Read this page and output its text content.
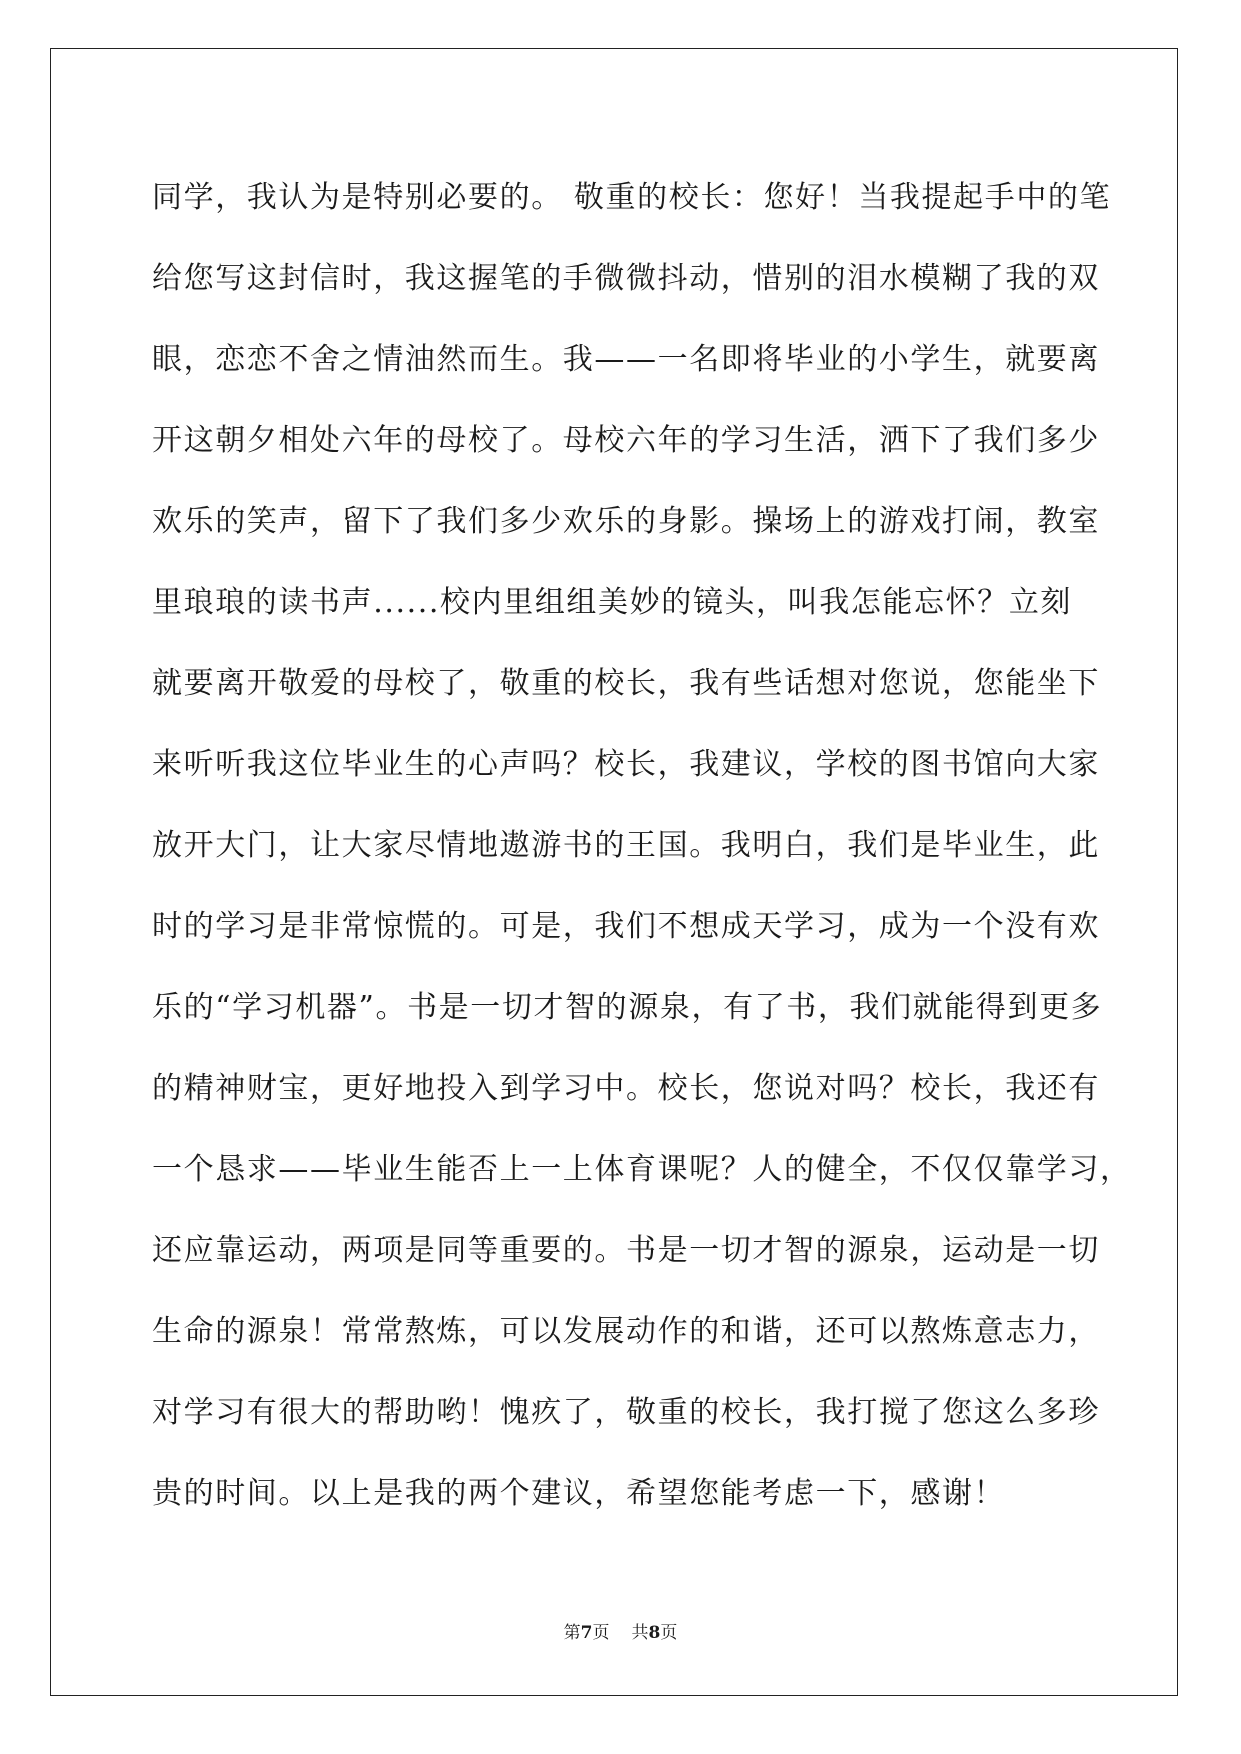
同学，我认为是特别必要的。 敬重的校长：您好！当我提起手中的笔
给您写这封信时，我这握笔的手微微抖动，惜别的泪水模糊了我的双
眼，恋恋不舍之情油然而生。我——一名即将毕业的小学生，就要离
开这朝夕相处六年的母校了。母校六年的学习生活，洒下了我们多少
欢乐的笑声，留下了我们多少欢乐的身影。操场上的游戏打闹，教室
里琅琅的读书声......校内里组组美妙的镜头，叫我怎能忘怀？立刻
就要离开敬爱的母校了，敬重的校长，我有些话想对您说，您能坐下
来听听我这位毕业生的心声吗？校长，我建议，学校的图书馆向大家
放开大门，让大家尽情地遨游书的王国。我明白，我们是毕业生，此
时的学习是非常惊慌的。可是，我们不想成天学习，成为一个没有欢
乐的“学习机器”。书是一切才智的源泉，有了书，我们就能得到更多
的精神财宝，更好地投入到学习中。校长，您说对吗？校长，我还有
一个恳求——毕业生能否上一上体育课呢？人的健全，不仅仅靠学习，
还应靠运动，两项是同等重要的。书是一切才智的源泉，运动是一切
生命的源泉！常常熬炼，可以发展动作的和谐，还可以熬炼意志力，
对学习有很大的帮助哟！愧疚了，敬重的校长，我打搅了您这么多珍
贵的时间。以上是我的两个建议，希望您能考虑一下，感谢！
第7页 共8页
